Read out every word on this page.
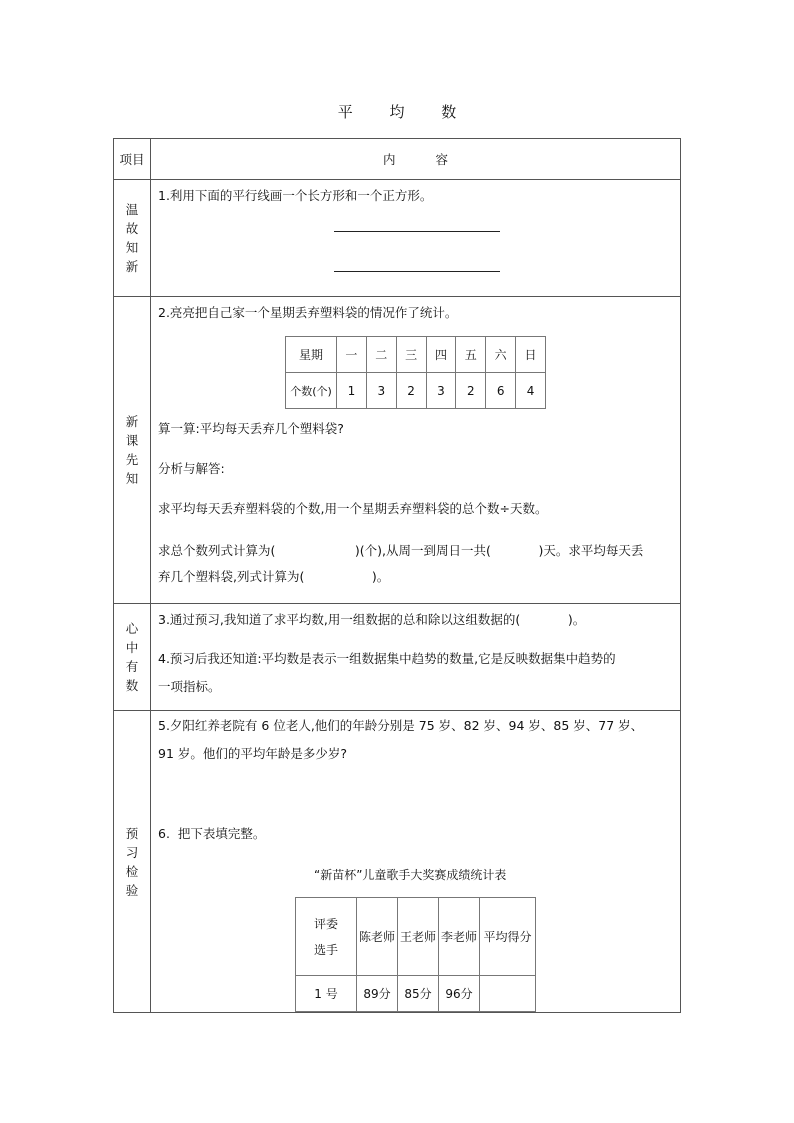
平 均 数
项目	内 容
温故知新	
1.利用下面的平行线画一个长方形和一个正方形。

新课先知	
2.亮亮把自己家一个星期丢弃塑料袋的情况作了统计。
星期	一	二	三	四	五	六	日
个数(个)	1	3	2	3	2	6	4
算一算:平均每天丢弃几个塑料袋?
分析与解答:
求平均每天丢弃塑料袋的个数,用一个星期丢弃塑料袋的总个数÷天数。
求总个数列式计算为(                    )(个),从周一到周日一共(            )天。求平均每天丢
弃几个塑料袋,列式计算为(                 )。

心中有数	
3.通过预习,我知道了求平均数,用一组数据的总和除以这组数据的(            )。
4.预习后我还知道:平均数是表示一组数据集中趋势的数量,它是反映数据集中趋势的
一项指标。

预习检验	
5.夕阳红养老院有 6 位老人,他们的年龄分别是 75 岁、82 岁、94 岁、85 岁、77 岁、
91 岁。他们的平均年龄是多少岁?
6.  把下表填完整。
“新苗杯”儿童歌手大奖赛成绩统计表
评委
选手
	陈老师	王老师	李老师	平均得分
1 号	89分	85分	96分	
